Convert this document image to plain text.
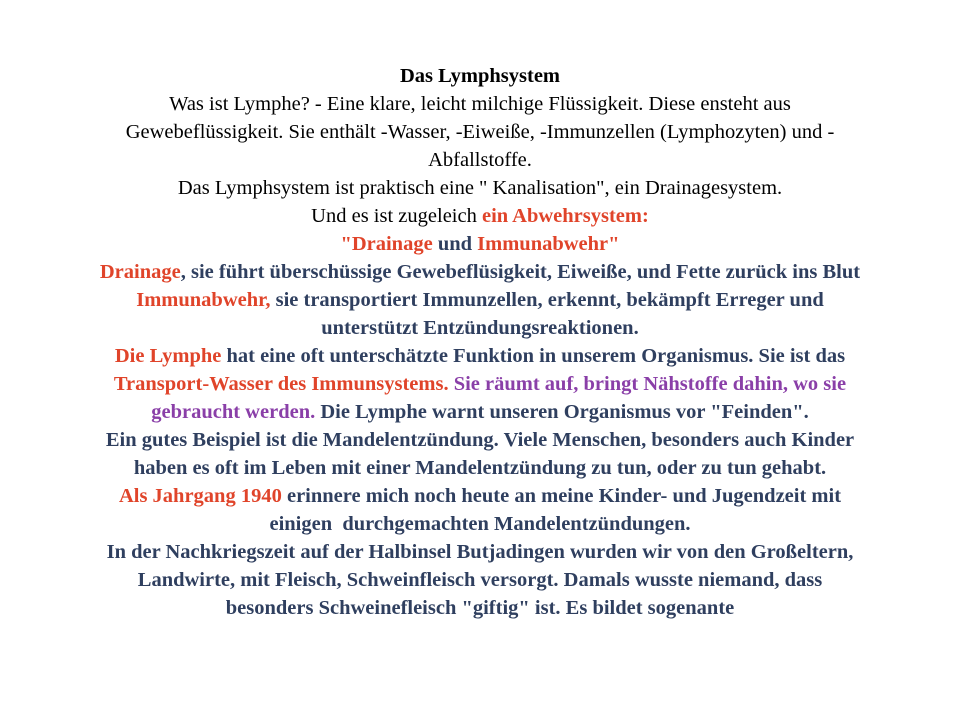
Das Lymphsystem
Was ist Lymphe? - Eine klare, leicht milchige Flüssigkeit. Diese ensteht aus
Gewebeflüssigkeit. Sie enthält -Wasser, -Eiweiße, -Immunzellen (Lymphozyten) und -
Abfallstoffe.
Das Lymphsystem ist praktisch eine " Kanalisation", ein Drainagesystem.
Und es ist zugeleich ein Abwehrsystem:
"Drainage und Immunabwehr"
Drainage, sie führt überschüssige Gewebeflüsigkeit, Eiweiße, und Fette zurück ins Blut
Immunabwehr, sie transportiert Immunzellen, erkennt, bekämpft Erreger und
unterstützt Entzündungsreaktionen.
Die Lymphe hat eine oft unterschätzte Funktion in unserem Organismus. Sie ist das
Transport-Wasser des Immunsystems. Sie räumt auf, bringt Nähstoffe dahin, wo sie
gebraucht werden. Die Lymphe warnt unseren Organismus vor "Feinden".
Ein gutes Beispiel ist die Mandelentzündung. Viele Menschen, besonders auch Kinder
haben es oft im Leben mit einer Mandelentzündung zu tun, oder zu tun gehabt.
Als Jahrgang 1940 erinnere mich noch heute an meine Kinder- und Jugendzeit mit
einigen  durchgemachten Mandelentzündungen.
In der Nachkriegszeit auf der Halbinsel Butjadingen wurden wir von den Großeltern,
Landwirte, mit Fleisch, Schweinfleisch versorgt. Damals wusste niemand, dass
besonders Schweinefleisch "giftig" ist. Es bildet sogenante
